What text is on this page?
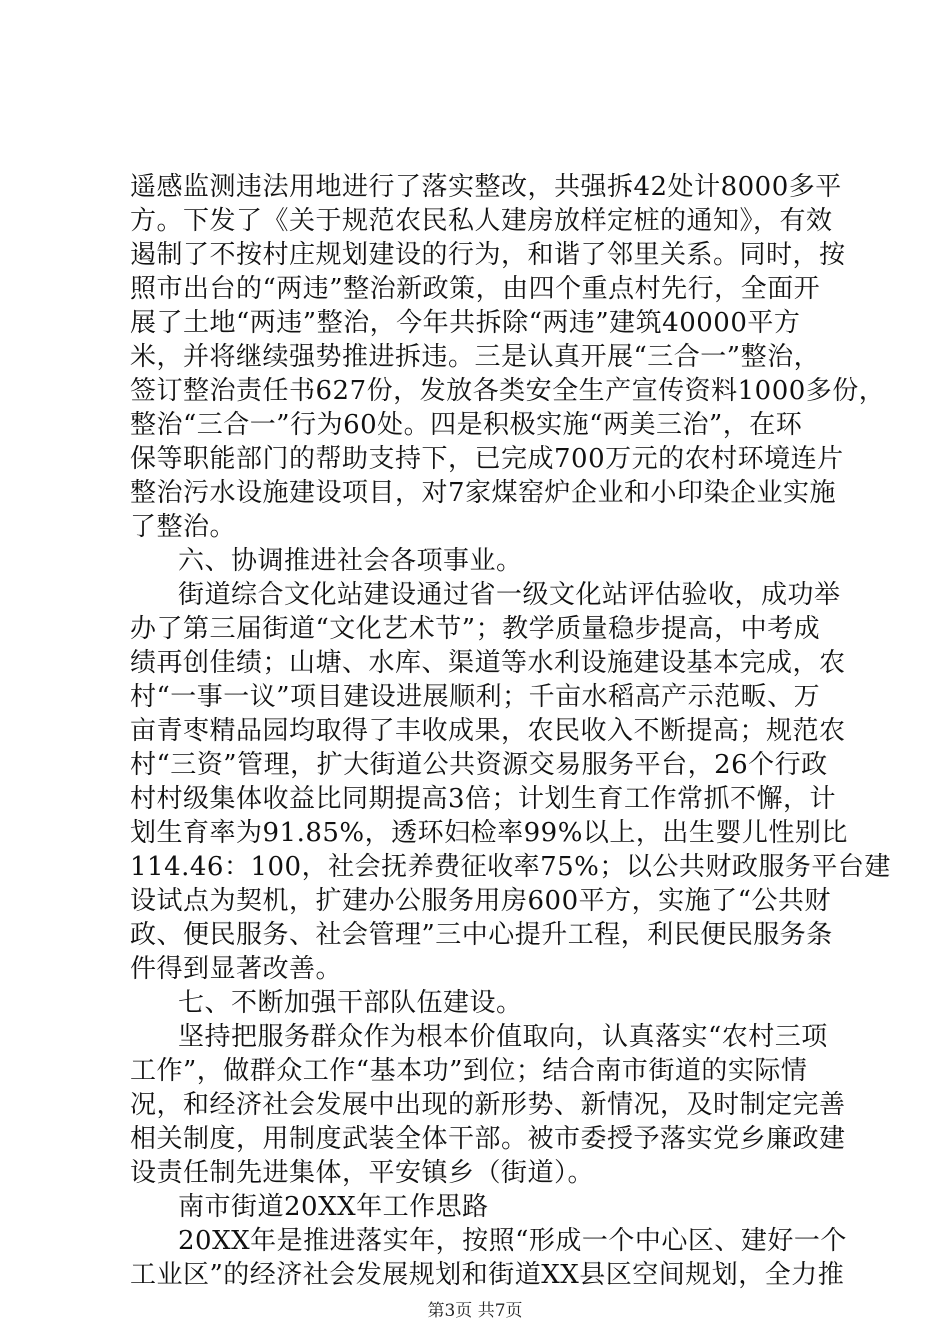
遥感监测违法用地进行了落实整改，共强拆42处计8000多平
方。下发了《关于规范农民私人建房放样定桩的通知》，有效
遏制了不按村庄规划建设的行为，和谐了邻里关系。同时，按
照市出台的“两违”整治新政策，由四个重点村先行，全面开
展了土地“两违”整治，今年共拆除“两违”建筑40000平方
米，并将继续强势推进拆违。三是认真开展“三合一”整治，
签订整治责任书627份，发放各类安全生产宣传资料1000多份，
整治“三合一”行为60处。四是积极实施“两美三治”，在环
保等职能部门的帮助支持下，已完成700万元的农村环境连片
整治污水设施建设项目，对7家煤窑炉企业和小印染企业实施
了整治。
六、协调推进社会各项事业。
街道综合文化站建设通过省一级文化站评估验收，成功举
办了第三届街道“文化艺术节”；教学质量稳步提高，中考成
绩再创佳绩；山塘、水库、渠道等水利设施建设基本完成，农
村“一事一议”项目建设进展顺利；千亩水稻高产示范畈、万
亩青枣精品园均取得了丰收成果，农民收入不断提高；规范农
村“三资”管理，扩大街道公共资源交易服务平台，26个行政
村村级集体收益比同期提高3倍；计划生育工作常抓不懈，计
划生育率为91.85%，透环妇检率99%以上，出生婴儿性别比
114.46：100，社会抚养费征收率75%；以公共财政服务平台建
设试点为契机，扩建办公服务用房600平方，实施了“公共财
政、便民服务、社会管理”三中心提升工程，利民便民服务条
件得到显著改善。
七、不断加强干部队伍建设。
坚持把服务群众作为根本价值取向，认真落实“农村三项
工作”，做群众工作“基本功”到位；结合南市街道的实际情
况，和经济社会发展中出现的新形势、新情况，及时制定完善
相关制度，用制度武装全体干部。被市委授予落实党乡廉政建
设责任制先进集体，平安镇乡（街道）。
南市街道20XX年工作思路
20XX年是推进落实年，按照“形成一个中心区、建好一个
工业区”的经济社会发展规划和街道XX县区空间规划，全力推
第3页 共7页
